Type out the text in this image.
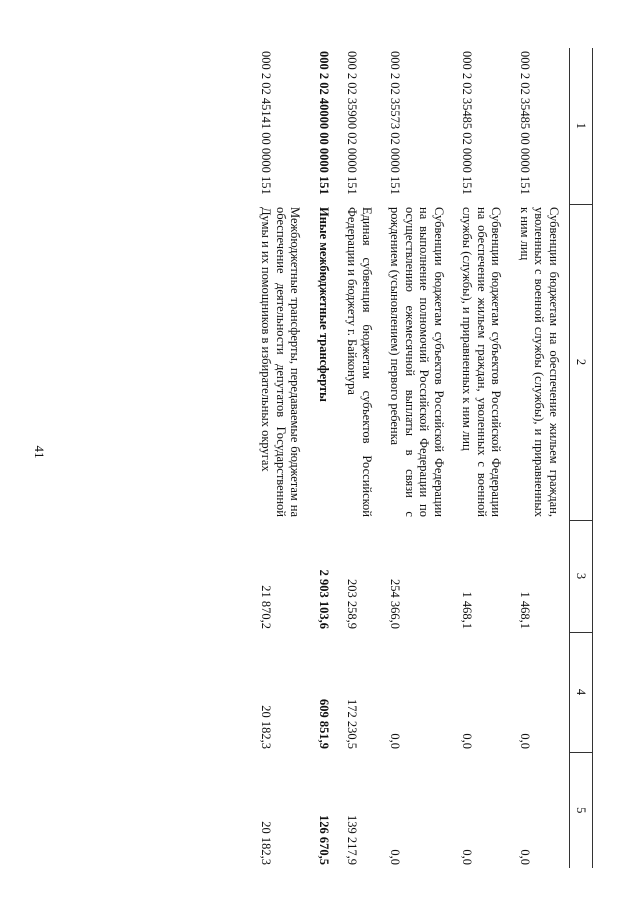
41
1	2	3	4	5
000 2 02 35485 00 0000 151	Субвенции бюджетам на обеспечение жильем граждан, уволенных с военной службы (службы), и приравненных к ним лиц	1 468,1	0,0	0,0
000 2 02 35485 02 0000 151	Субвенции бюджетам субъектов Российской Федерации на обеспечение жильем граждан, уволенных с военной службы (службы), и приравненных к ним лиц	1 468,1	0,0	0,0
000 2 02 35573 02 0000 151	Субвенции бюджетам субъектов Российской Федерации на выполнение полномочий Российской Федерации по осуществлению ежемесячной выплаты в связи с рождением (усыновлением) первого ребенка	254 366,0	0,0	0,0
000 2 02 35900 02 0000 151	Единая субвенция бюджетам субъектов Российской Федерации и бюджету г. Байконура	203 258,9	172 230,5	139 217,9
000 2 02 40000 00 0000 151	Иные межбюджетные трансферты	2 903 103,6	609 851,9	126 670,5
000 2 02 45141 00 0000 151	Межбюджетные трансферты, передаваемые бюджетам на обеспечение деятельности депутатов Государственной Думы и их помощников в избирательных округах	21 870,2	20 182,3	20 182,3
